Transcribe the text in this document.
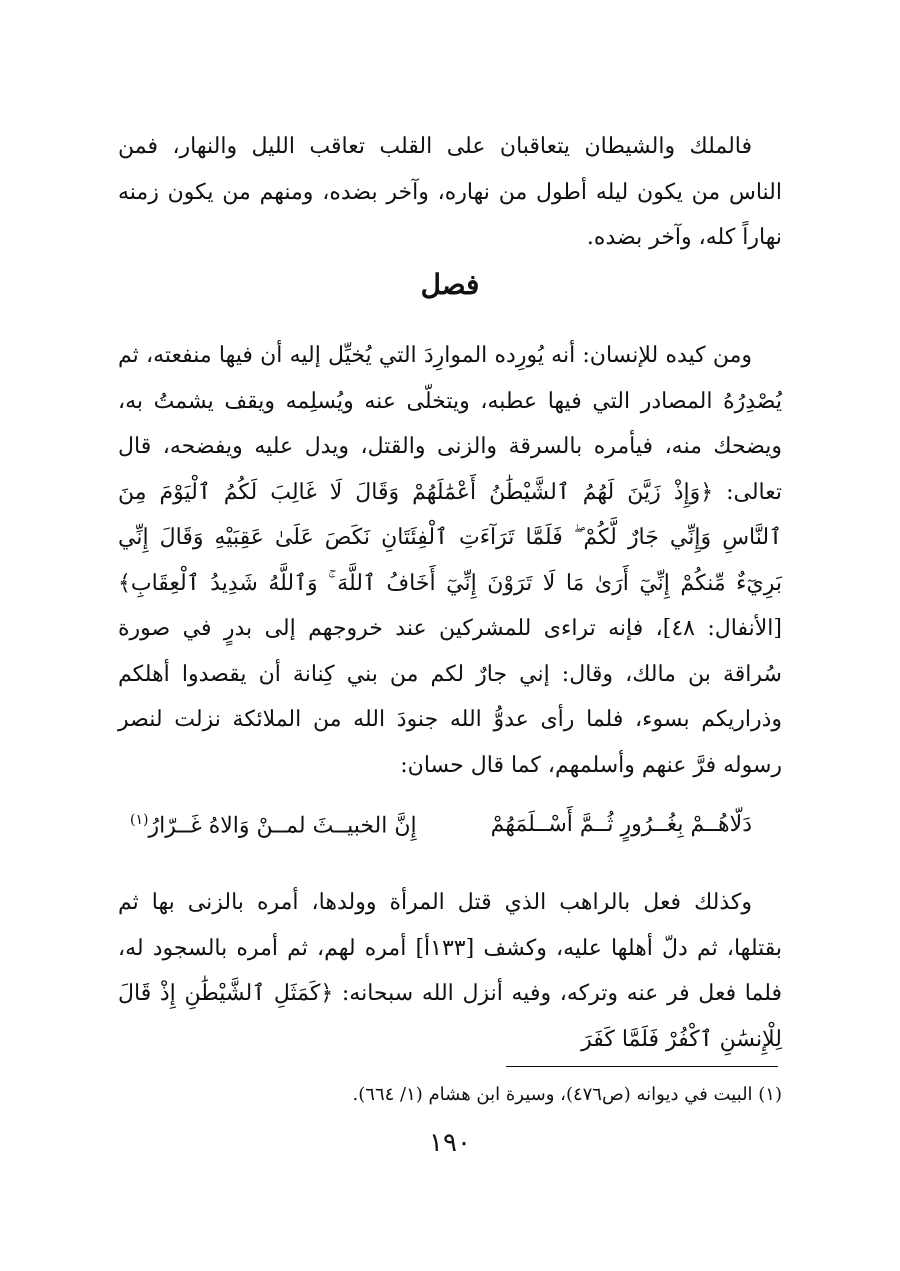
فالملك والشيطان يتعاقبان على القلب تعاقب الليل والنهار، فمن الناس من يكون ليله أطول من نهاره، وآخر بضده، ومنهم من يكون زمنه نهاراً كله، وآخر بضده.

فصل

ومن كيده للإنسان: أنه يُورِده الموارِدَ التي يُخيِّل إليه أن فيها منفعته، ثم يُصْدِرُهُ المصادر التي فيها عطبه، ويتخلّى عنه ويُسلِمه ويقف يشمتُ به، ويضحك منه، فيأمره بالسرقة والزنى والقتل، ويدل عليه ويفضحه، قال تعالى: ﴿وَإِذْ زَيَّنَ لَهُمُ ٱلشَّيْطَٰنُ أَعْمَٰلَهُمْ وَقَالَ لَا غَالِبَ لَكُمُ ٱلْيَوْمَ مِنَ ٱلنَّاسِ وَإِنِّي جَارٌ لَّكُمْ ۖ فَلَمَّا تَرَآءَتِ ٱلْفِئَتَانِ نَكَصَ عَلَىٰ عَقِبَيْهِ وَقَالَ إِنِّي بَرِيٓءٌ مِّنكُمْ إِنِّيٓ أَرَىٰ مَا لَا تَرَوْنَ إِنِّيٓ أَخَافُ ٱللَّهَ ۚ وَٱللَّهُ شَدِيدُ ٱلْعِقَابِ﴾ [الأنفال: ٤٨]، فإنه تراءى للمشركين عند خروجهم إلى بدرٍ في صورة سُراقة بن مالك، وقال: إني جارٌ لكم من بني كِنانة أن يقصدوا أهلكم وذراريكم بسوء، فلما رأى عدوُّ الله جنودَ الله من الملائكة نزلت لنصر رسوله فرَّ عنهم وأسلمهم، كما قال حسان:

دَلّاهُــمْ بِغُــرُورٍ ثُــمَّ أَسْــلَمَهُمْ
إِنَّ الخبيــثَ لمــنْ وَالاهُ غَــرّارُ$^{(١)}$

وكذلك فعل بالراهب الذي قتل المرأة وولدها، أمره بالزنى بها ثم بقتلها، ثم دلّ أهلها عليه، وكشف [١٣٣أ] أمره لهم، ثم أمره بالسجود له، فلما فعل فر عنه وتركه، وفيه أنزل الله سبحانه: ﴿كَمَثَلِ ٱلشَّيْطَٰنِ إِذْ قَالَ لِلْإِنسَٰنِ ٱكْفُرْ فَلَمَّا كَفَرَ

(١) البيت في ديوانه (ص٤٧٦)، وسيرة ابن هشام (١/ ٦٦٤).
١٩٠
